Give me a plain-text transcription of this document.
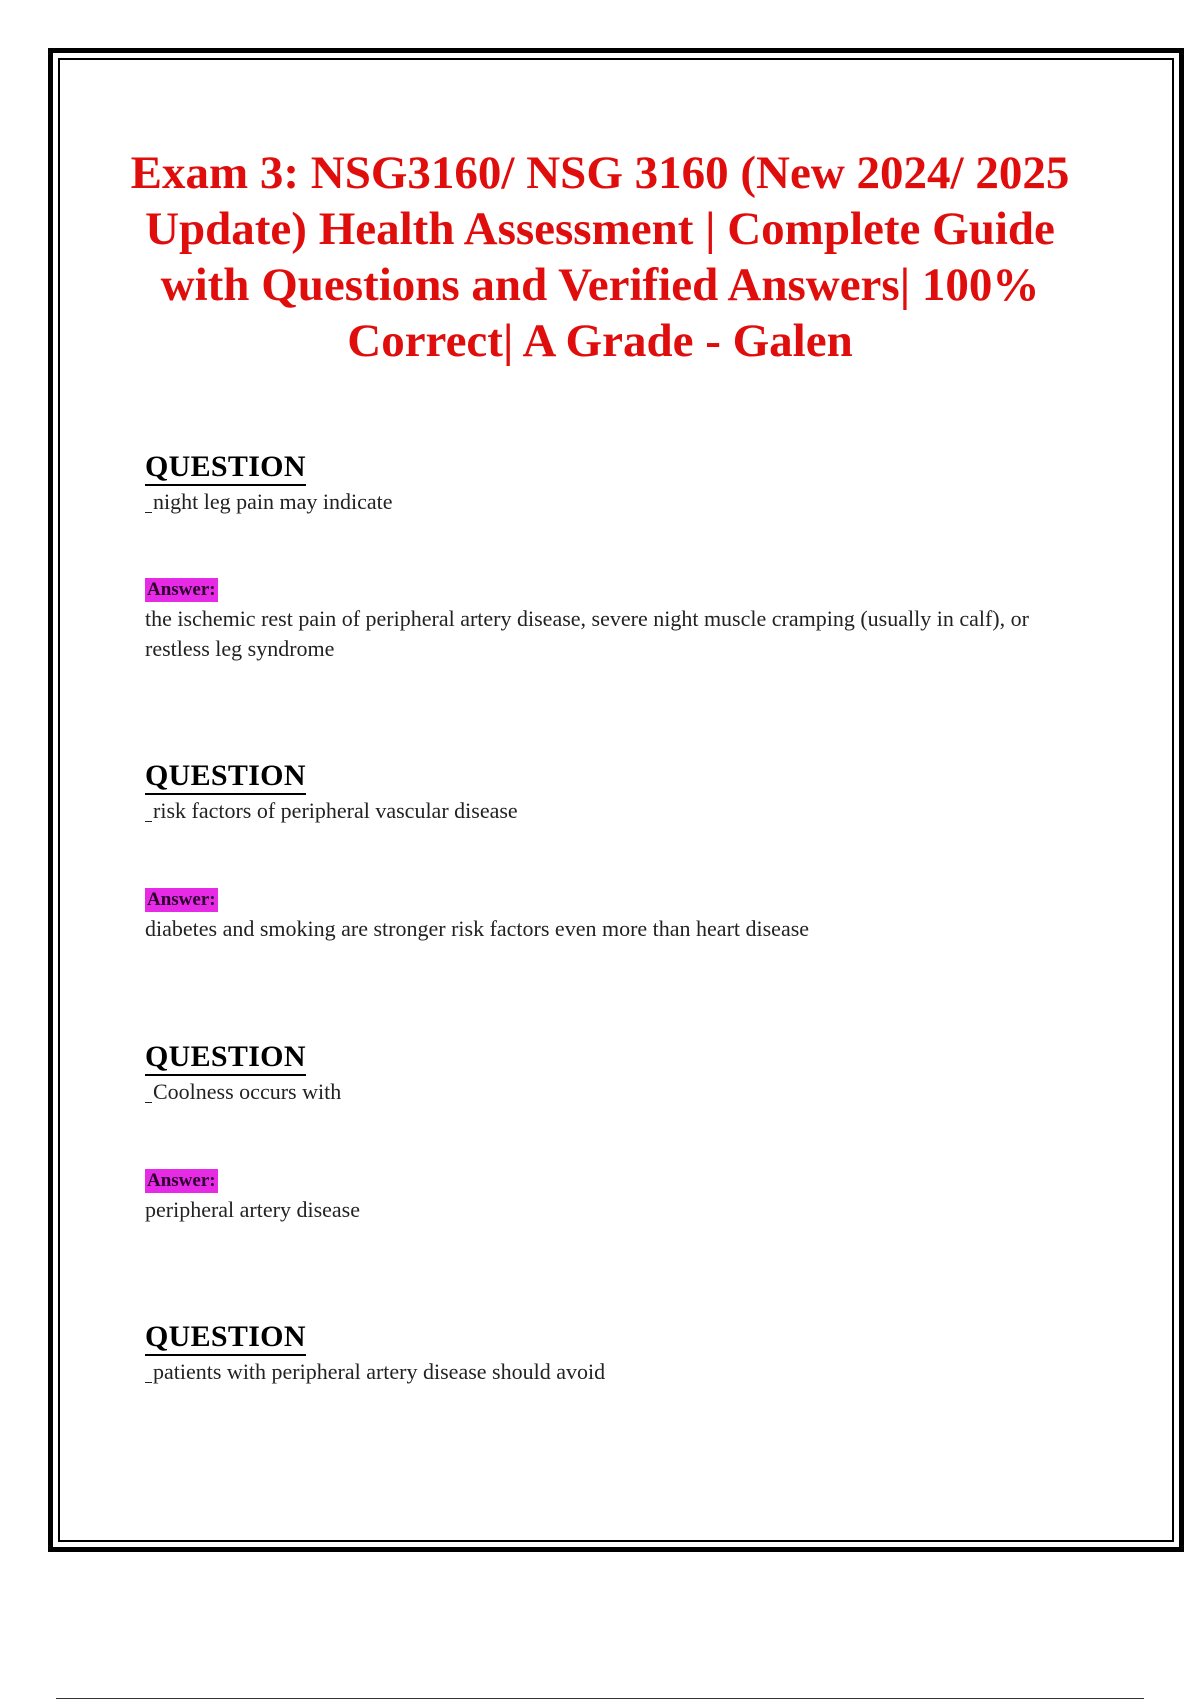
Exam 3: NSG3160/ NSG 3160 (New 2024/ 2025 Update) Health Assessment | Complete Guide with Questions and Verified Answers| 100% Correct| A Grade - Galen
QUESTION
night leg pain may indicate
Answer:
the ischemic rest pain of peripheral artery disease, severe night muscle cramping (usually in calf), or restless leg syndrome
QUESTION
risk factors of peripheral vascular disease
Answer:
diabetes and smoking are stronger risk factors even more than heart disease
QUESTION
Coolness occurs with
Answer:
peripheral artery disease
QUESTION
patients with peripheral artery disease should avoid
